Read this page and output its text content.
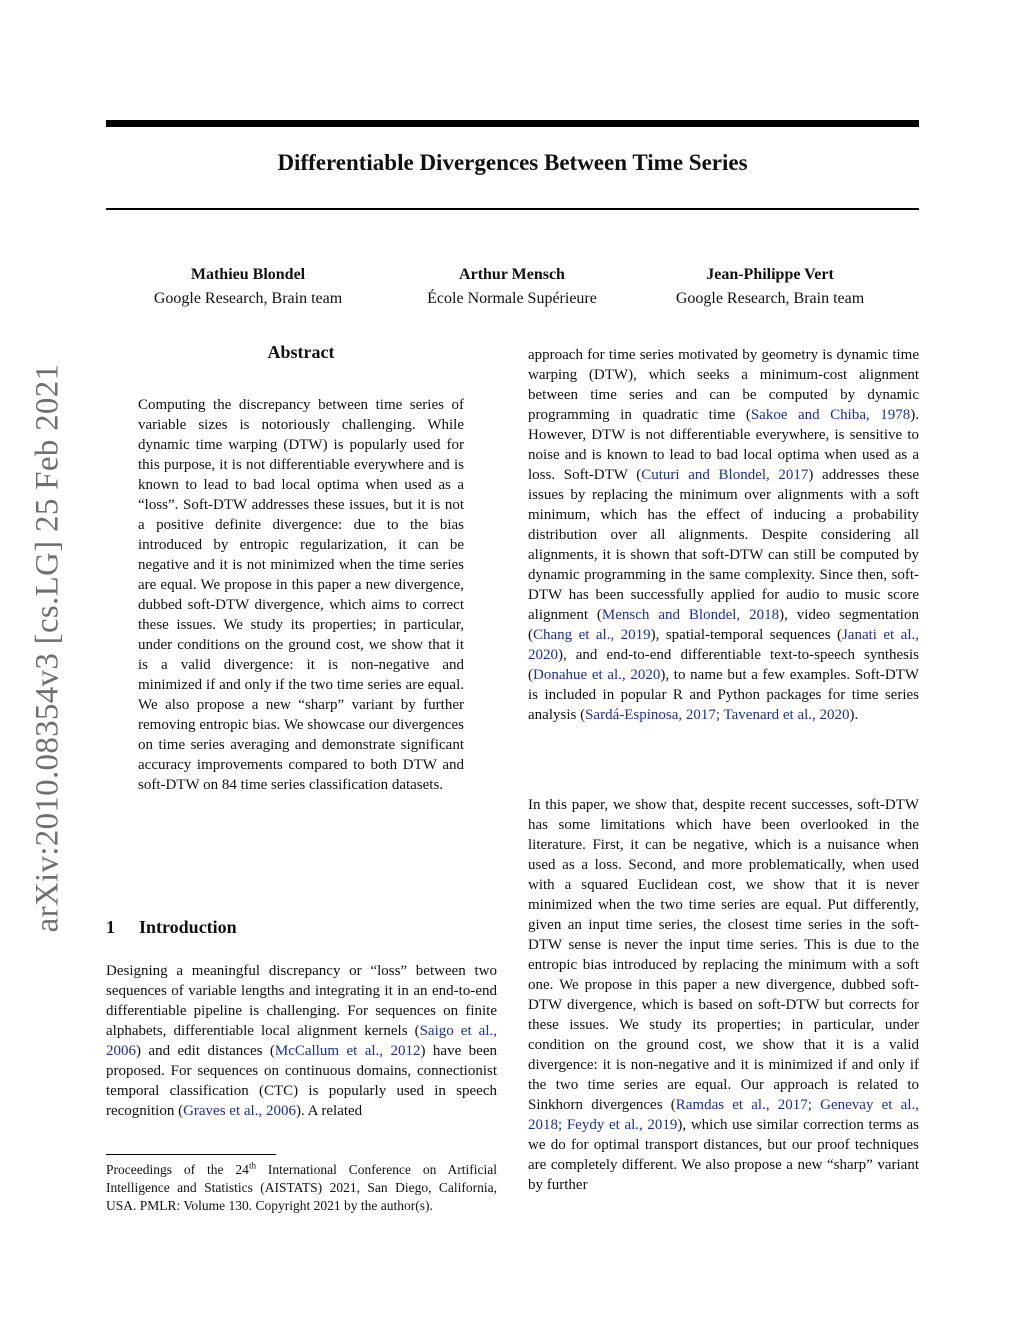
Differentiable Divergences Between Time Series
Mathieu Blondel
Google Research, Brain team
Arthur Mensch
École Normale Supérieure
Jean-Philippe Vert
Google Research, Brain team
arXiv:2010.08354v3 [cs.LG] 25 Feb 2021
Abstract

Computing the discrepancy between time series of variable sizes is notoriously challenging. While dynamic time warping (DTW) is popularly used for this purpose, it is not differentiable everywhere and is known to lead to bad local optima when used as a “loss”. Soft-DTW addresses these issues, but it is not a positive definite divergence: due to the bias introduced by entropic regularization, it can be negative and it is not minimized when the time series are equal. We propose in this paper a new divergence, dubbed soft-DTW divergence, which aims to correct these issues. We study its properties; in particular, under conditions on the ground cost, we show that it is a valid divergence: it is non-negative and minimized if and only if the two time series are equal. We also propose a new “sharp” variant by further removing entropic bias. We showcase our divergences on time series averaging and demonstrate significant accuracy improvements compared to both DTW and soft-DTW on 84 time series classification datasets.

1 Introduction

Designing a meaningful discrepancy or “loss” between two sequences of variable lengths and integrating it in an end-to-end differentiable pipeline is challenging. For sequences on finite alphabets, differentiable local alignment kernels (Saigo et al., 2006) and edit distances (McCallum et al., 2012) have been proposed. For sequences on continuous domains, connectionist temporal classification (CTC) is popularly used in speech recognition (Graves et al., 2006). A related

Proceedings of the 24th International Conference on Artificial Intelligence and Statistics (AISTATS) 2021, San Diego, California, USA. PMLR: Volume 130. Copyright 2021 by the author(s).

approach for time series motivated by geometry is dynamic time warping (DTW), which seeks a minimum-cost alignment between time series and can be computed by dynamic programming in quadratic time (Sakoe and Chiba, 1978). However, DTW is not differentiable everywhere, is sensitive to noise and is known to lead to bad local optima when used as a loss. Soft-DTW (Cuturi and Blondel, 2017) addresses these issues by replacing the minimum over alignments with a soft minimum, which has the effect of inducing a probability distribution over all alignments. Despite considering all alignments, it is shown that soft-DTW can still be computed by dynamic programming in the same complexity. Since then, soft-DTW has been successfully applied for audio to music score alignment (Mensch and Blondel, 2018), video segmentation (Chang et al., 2019), spatial-temporal sequences (Janati et al., 2020), and end-to-end differentiable text-to-speech synthesis (Donahue et al., 2020), to name but a few examples. Soft-DTW is included in popular R and Python packages for time series analysis (Sardá-Espinosa, 2017; Tavenard et al., 2020).

In this paper, we show that, despite recent successes, soft-DTW has some limitations which have been overlooked in the literature. First, it can be negative, which is a nuisance when used as a loss. Second, and more problematically, when used with a squared Euclidean cost, we show that it is never minimized when the two time series are equal. Put differently, given an input time series, the closest time series in the soft-DTW sense is never the input time series. This is due to the entropic bias introduced by replacing the minimum with a soft one. We propose in this paper a new divergence, dubbed soft-DTW divergence, which is based on soft-DTW but corrects for these issues. We study its properties; in particular, under condition on the ground cost, we show that it is a valid divergence: it is non-negative and it is minimized if and only if the two time series are equal. Our approach is related to Sinkhorn divergences (Ramdas et al., 2017; Genevay et al., 2018; Feydy et al., 2019), which use similar correction terms as we do for optimal transport distances, but our proof techniques are completely different. We also propose a new “sharp” variant by further
